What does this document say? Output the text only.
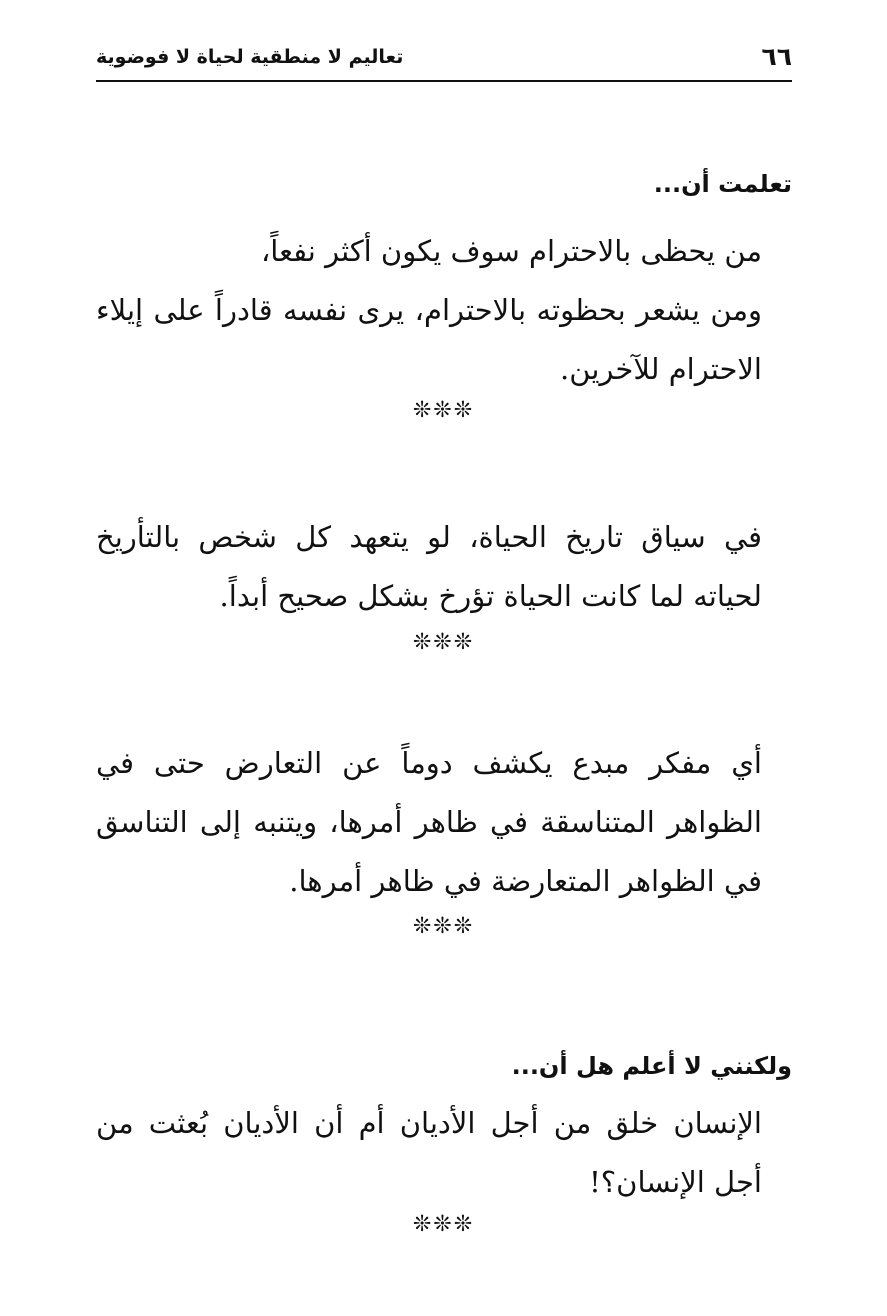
٦٦
تعاليم لا منطقية لحياة لا فوضوية
تعلمت أن...

من يحظى بالاحترام سوف يكون أكثر نفعاً،

ومن يشعر بحظوته بالاحترام، يرى نفسه قادراً على إيلاء الاحترام للآخرين.

❊❊❊

في سياق تاريخ الحياة، لو يتعهد كل شخص بالتأريخ لحياته لما كانت الحياة تؤرخ بشكل صحيح أبداً.

❊❊❊

أي مفكر مبدع يكشف دوماً عن التعارض حتى في الظواهر المتناسقة في ظاهر أمرها، ويتنبه إلى التناسق في الظواهر المتعارضة في ظاهر أمرها.

❊❊❊
ولكنني لا أعلم هل أن...

الإنسان خلق من أجل الأديان أم أن الأديان بُعثت من أجل الإنسان؟!

❊❊❊
